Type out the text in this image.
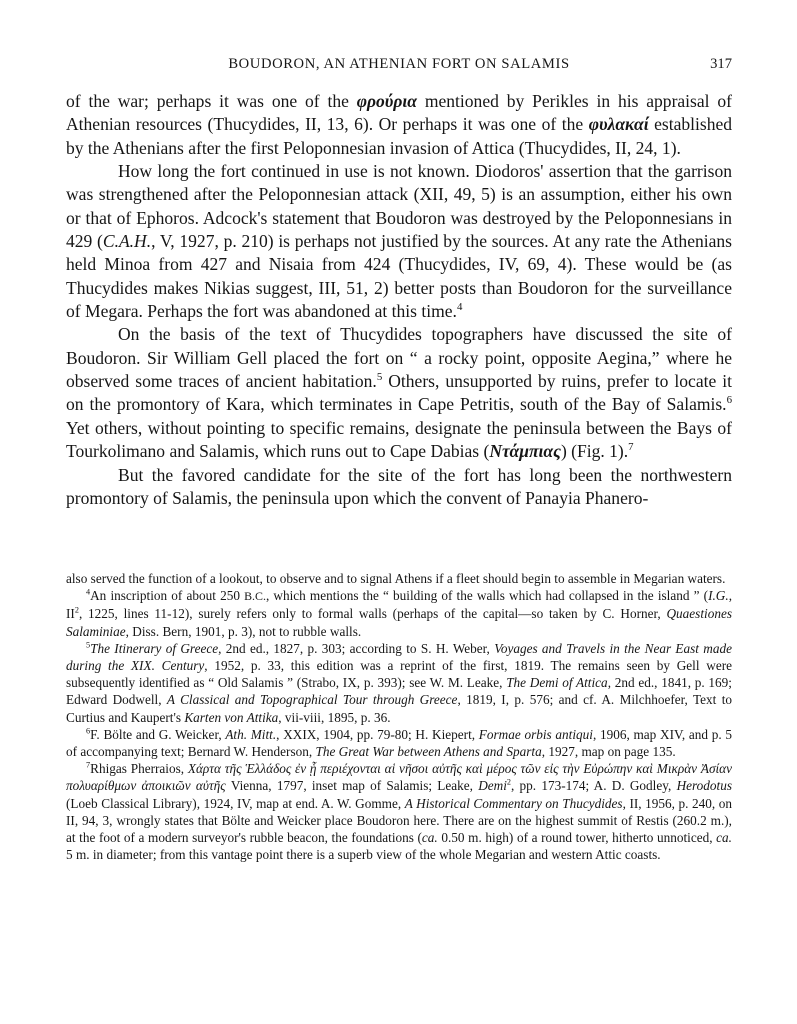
BOUDORON, AN ATHENIAN FORT ON SALAMIS	317

of the war; perhaps it was one of the φρούρια mentioned by Perikles in his appraisal of Athenian resources (Thucydides, II, 13, 6). Or perhaps it was one of the φυλακαί established by the Athenians after the first Peloponnesian invasion of Attica (Thucydides, II, 24, 1).

How long the fort continued in use is not known. Diodoros' assertion that the garrison was strengthened after the Peloponnesian attack (XII, 49, 5) is an assumption, either his own or that of Ephoros. Adcock's statement that Boudoron was destroyed by the Peloponnesians in 429 (C.A.H., V, 1927, p. 210) is perhaps not justified by the sources. At any rate the Athenians held Minoa from 427 and Nisaia from 424 (Thucydides, IV, 69, 4). These would be (as Thucydides makes Nikias suggest, III, 51, 2) better posts than Boudoron for the surveillance of Megara. Perhaps the fort was abandoned at this time.$^4$

On the basis of the text of Thucydides topographers have discussed the site of Boudoron. Sir William Gell placed the fort on “ a rocky point, opposite Aegina,” where he observed some traces of ancient habitation.$^5$ Others, unsupported by ruins, prefer to locate it on the promontory of Kara, which terminates in Cape Petritis, south of the Bay of Salamis.$^6$ Yet others, without pointing to specific remains, designate the peninsula between the Bays of Tourkolimano and Salamis, which runs out to Cape Dabias (Ντάμπιας) (Fig. 1).$^7$

But the favored candidate for the site of the fort has long been the northwestern promontory of Salamis, the peninsula upon which the convent of Panayia Phanero-

also served the function of a lookout, to observe and to signal Athens if a fleet should begin to assemble in Megarian waters.

$^4$An inscription of about 250 B.C., which mentions the “ building of the walls which had collapsed in the island ” (I.G., $II^2$, 1225, lines 11-12), surely refers only to formal walls (perhaps of the capital—so taken by C. Horner, Quaestiones Salaminiae, Diss. Bern, 1901, p. 3), not to rubble walls.

$^5$The Itinerary of Greece, 2nd ed., 1827, p. 303; according to S. H. Weber, Voyages and Travels in the Near East made during the XIX. Century, 1952, p. 33, this edition was a reprint of the first, 1819. The remains seen by Gell were subsequently identified as “ Old Salamis ” (Strabo, IX, p. 393); see W. M. Leake, The Demi of Attica, 2nd ed., 1841, p. 169; Edward Dodwell, A Classical and Topographical Tour through Greece, 1819, I, p. 576; and cf. A. Milchhoefer, Text to Curtius and Kaupert's Karten von Attika, vii-viii, 1895, p. 36.

$^6$F. Bölte and G. Weicker, Ath. Mitt., XXIX, 1904, pp. 79-80; H. Kiepert, Formae orbis antiqui, 1906, map XIV, and p. 5 of accompanying text; Bernard W. Henderson, The Great War between Athens and Sparta, 1927, map on page 135.

$^7$Rhigas Pherraios, Χάρτα τῆς Ἑλλάδος ἐν ᾗ περιέχονται αἱ νῆσοι αὐτῆς καὶ μέρος τῶν εἰς τὴν Εὐρώπην καὶ Μικρὰν Ἀσίαν πολυαρίθμων ἀποικιῶν αὐτῆς Vienna, 1797, inset map of Salamis; Leake, Demi$^2$, pp. 173-174; A. D. Godley, Herodotus (Loeb Classical Library), 1924, IV, map at end. A. W. Gomme, A Historical Commentary on Thucydides, II, 1956, p. 240, on II, 94, 3, wrongly states that Bölte and Weicker place Boudoron here. There are on the highest summit of Restis (260.2 m.), at the foot of a modern surveyor's rubble beacon, the foundations (ca. 0.50 m. high) of a round tower, hitherto unnoticed, ca. 5 m. in diameter; from this vantage point there is a superb view of the whole Megarian and western Attic coasts.
